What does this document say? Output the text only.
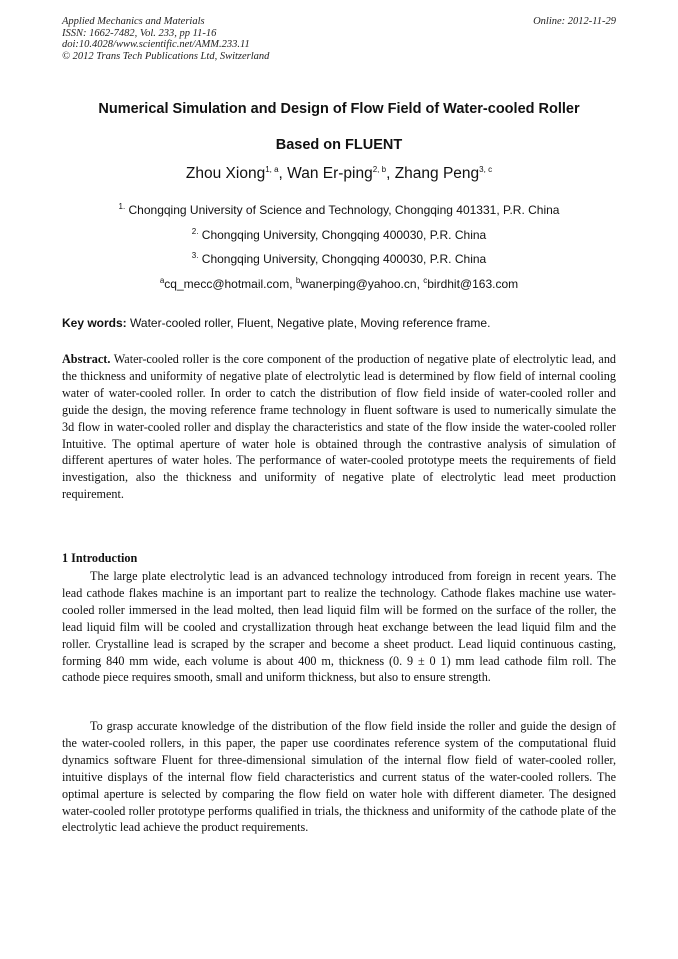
Applied Mechanics and Materials
ISSN: 1662-7482, Vol. 233, pp 11-16
doi:10.4028/www.scientific.net/AMM.233.11
© 2012 Trans Tech Publications Ltd, Switzerland
Online: 2012-11-29
Numerical Simulation and Design of Flow Field of Water-cooled Roller
Based on FLUENT
Zhou Xiong$^{1, a}$, Wan Er-ping$^{2, b}$, Zhang Peng$^{3, c}$
$^{1.}$ Chongqing University of Science and Technology, Chongqing 401331, P.R. China
$^{2.}$ Chongqing University, Chongqing 400030, P.R. China
$^{3.}$ Chongqing University, Chongqing 400030, P.R. China
$^a$cq_mecc@hotmail.com, $^b$wanerping@yahoo.cn, $^c$birdhit@163.com
Key words: Water-cooled roller, Fluent, Negative plate, Moving reference frame.

Abstract. Water-cooled roller is the core component of the production of negative plate of electrolytic lead, and the thickness and uniformity of negative plate of electrolytic lead is determined by flow field of internal cooling water of water-cooled roller. In order to catch the distribution of flow field inside of water-cooled roller and guide the design, the moving reference frame technology in fluent software is used to numerically simulate the 3d flow in water-cooled roller and display the characteristics and state of the flow inside the water-cooled roller Intuitive. The optimal aperture of water hole is obtained through the contrastive analysis of simulation of different apertures of water holes. The performance of water-cooled prototype meets the requirements of field investigation, also the thickness and uniformity of negative plate of electrolytic lead meet production requirement.

1 Introduction

The large plate electrolytic lead is an advanced technology introduced from foreign in recent years. The lead cathode flakes machine is an important part to realize the technology. Cathode flakes machine use water-cooled roller immersed in the lead molted, then lead liquid film will be formed on the surface of the roller, the lead liquid film will be cooled and crystallization through heat exchange between the lead liquid film and the roller. Crystalline lead is scraped by the scraper and become a sheet product. Lead liquid continuous casting, forming 840 mm wide, each volume is about 400 m, thickness (0. 9 ± 0 1) mm lead cathode film roll. The cathode piece requires smooth, small and uniform thickness, but also to ensure strength.

To grasp accurate knowledge of the distribution of the flow field inside the roller and guide the design of the water-cooled rollers, in this paper, the paper use coordinates reference system of the computational fluid dynamics software Fluent for three-dimensional simulation of the internal flow field of water-cooled roller, intuitive displays of the internal flow field characteristics and current status of the water-cooled rollers. The optimal aperture is selected by comparing the flow field on water hole with different diameter. The designed water-cooled roller prototype performs qualified in trials, the thickness and uniformity of the cathode plate of the electrolytic lead achieve the product requirements.
